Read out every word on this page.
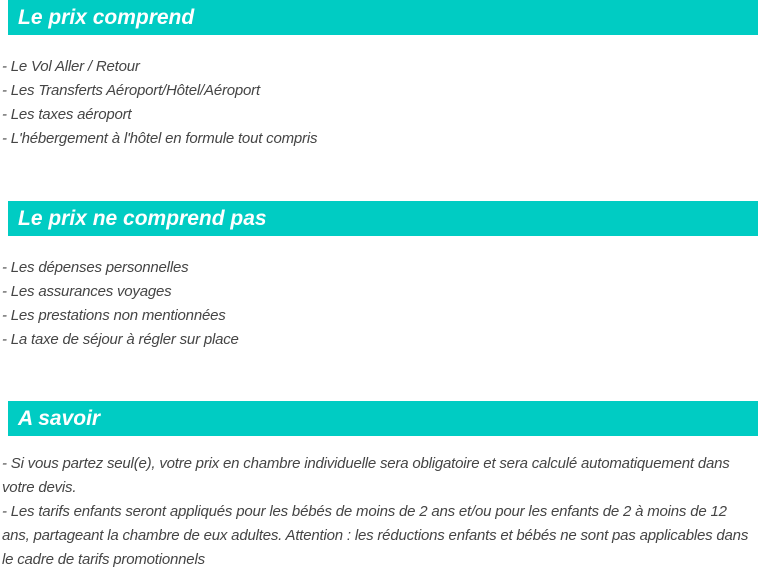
Le prix comprend
- Le Vol Aller / Retour
- Les Transferts Aéroport/Hôtel/Aéroport
- Les taxes aéroport
- L'hébergement à l'hôtel en formule tout compris
Le prix ne comprend pas
- Les dépenses personnelles
- Les assurances voyages
- Les prestations non mentionnées
- La taxe de séjour à régler sur place
A savoir

- Si vous partez seul(e), votre prix en chambre individuelle sera obligatoire et sera calculé automatiquement dans votre devis.

- Les tarifs enfants seront appliqués pour les bébés de moins de 2 ans et/ou pour les enfants de 2 à moins de 12 ans, partageant la chambre de eux adultes. Attention : les réductions enfants et bébés ne sont pas applicables dans le cadre de tarifs promotionnels
